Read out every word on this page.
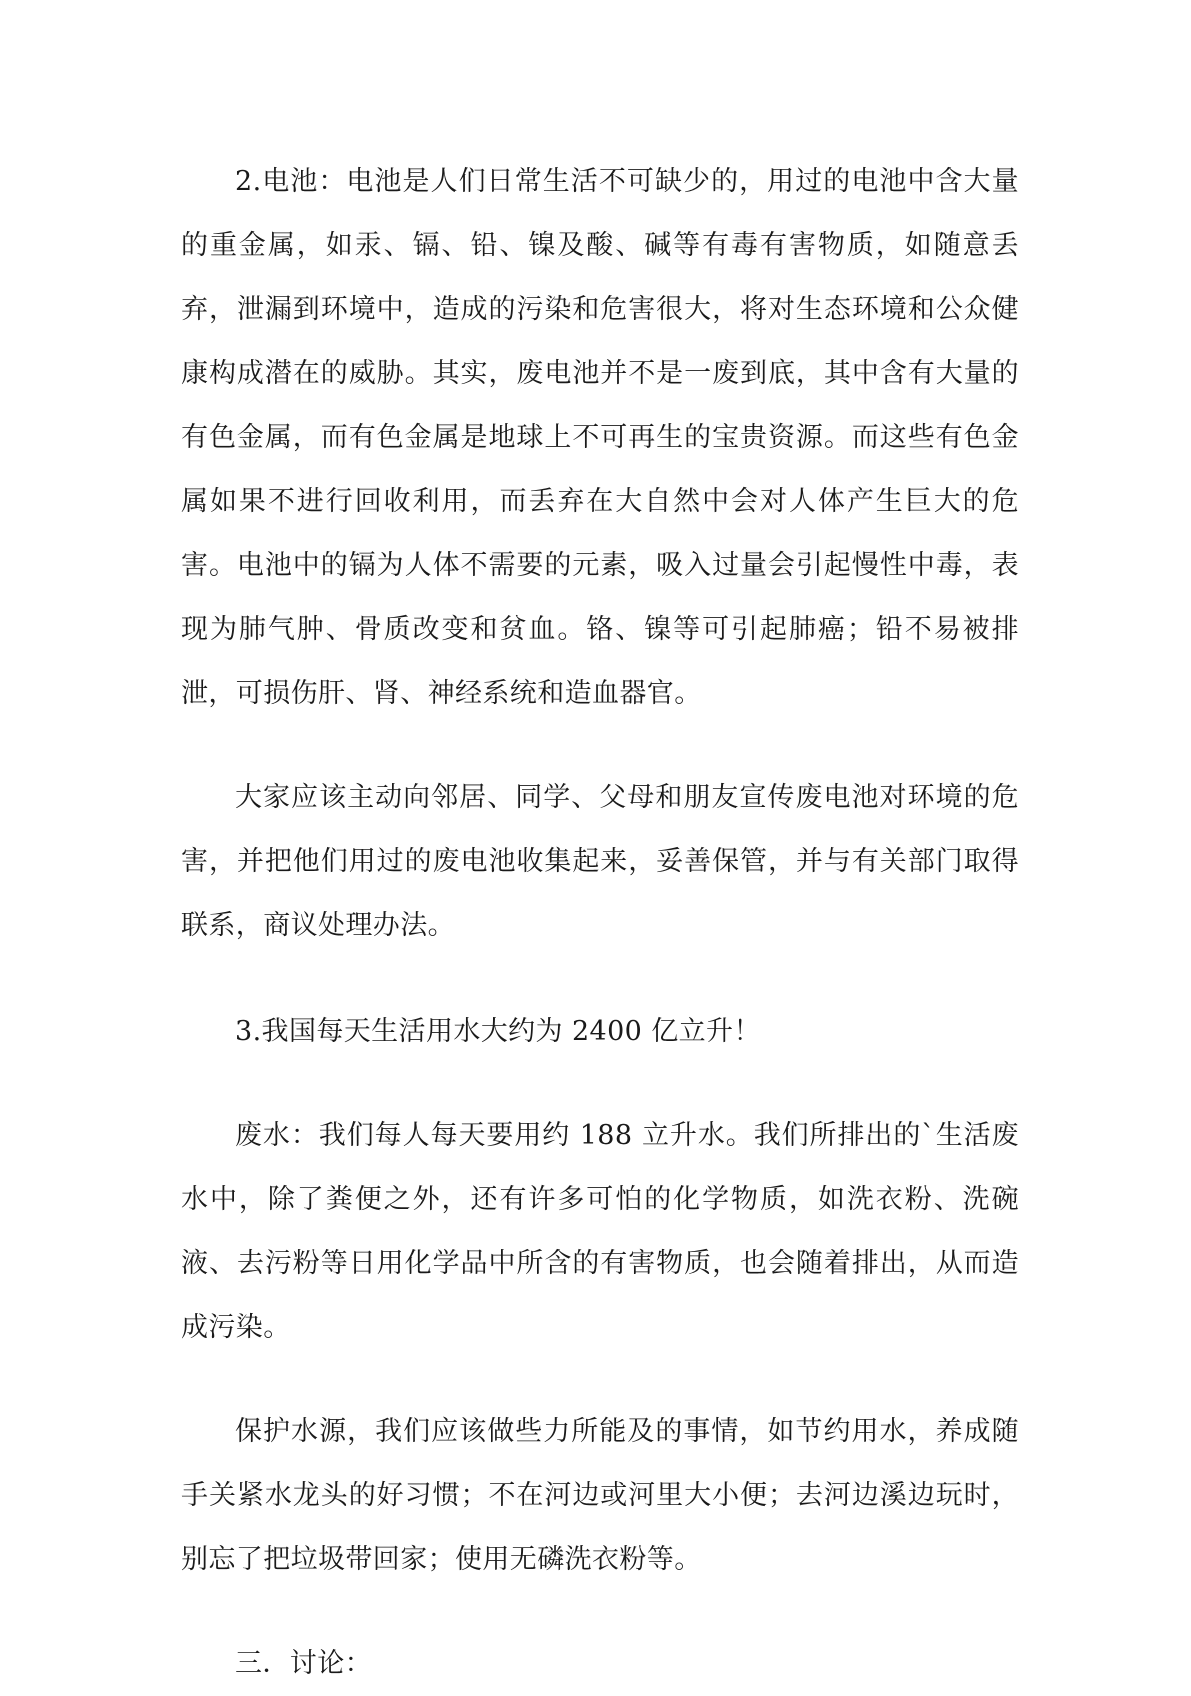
2.电池：电池是人们日常生活不可缺少的，用过的电池中含大量的重金属，如汞、镉、铅、镍及酸、碱等有毒有害物质，如随意丢弃，泄漏到环境中，造成的污染和危害很大，将对生态环境和公众健康构成潜在的威胁。其实，废电池并不是一废到底，其中含有大量的有色金属，而有色金属是地球上不可再生的宝贵资源。而这些有色金属如果不进行回收利用，而丢弃在大自然中会对人体产生巨大的危害。电池中的镉为人体不需要的元素，吸入过量会引起慢性中毒，表现为肺气肿、骨质改变和贫血。铬、镍等可引起肺癌；铅不易被排泄，可损伤肝、肾、神经系统和造血器官。

大家应该主动向邻居、同学、父母和朋友宣传废电池对环境的危害，并把他们用过的废电池收集起来，妥善保管，并与有关部门取得联系，商议处理办法。

3.我国每天生活用水大约为 2400 亿立升！

废水：我们每人每天要用约 188 立升水。我们所排出的`生活废水中，除了粪便之外，还有许多可怕的化学物质，如洗衣粉、洗碗液、去污粉等日用化学品中所含的有害物质，也会随着排出，从而造成污染。

保护水源，我们应该做些力所能及的事情，如节约用水，养成随手关紧水龙头的好习惯；不在河边或河里大小便；去河边溪边玩时，别忘了把垃圾带回家；使用无磷洗衣粉等。

三．讨论：
